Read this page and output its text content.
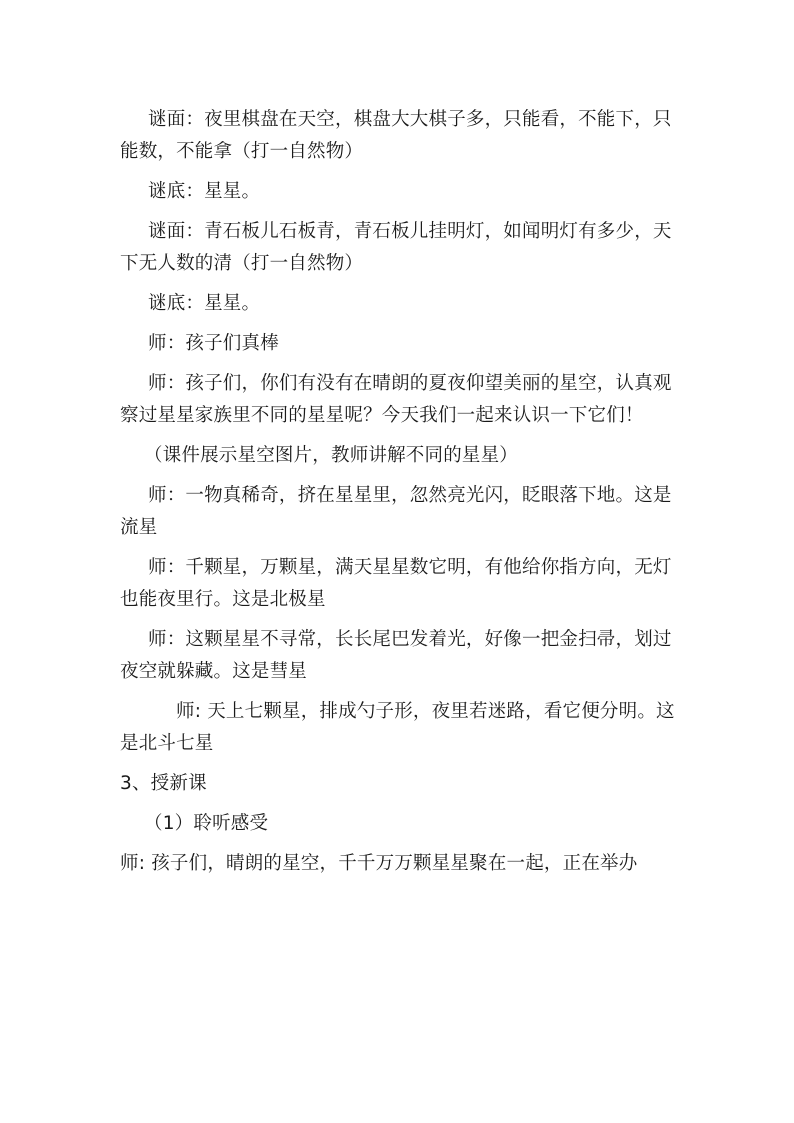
谜面：夜里棋盘在天空，棋盘大大棋子多，只能看，不能下，只能数，不能拿（打一自然物）

谜底：星星。

谜面：青石板儿石板青，青石板儿挂明灯，如闻明灯有多少，天下无人数的清（打一自然物）

谜底：星星。

师：孩子们真棒

师：孩子们，你们有没有在晴朗的夏夜仰望美丽的星空，认真观察过星星家族里不同的星星呢？今天我们一起来认识一下它们！

（课件展示星空图片，教师讲解不同的星星）

师：一物真稀奇，挤在星星里，忽然亮光闪，眨眼落下地。这是流星

师：千颗星，万颗星，满天星星数它明，有他给你指方向，无灯也能夜里行。这是北极星

师：这颗星星不寻常，长长尾巴发着光，好像一把金扫帚，划过夜空就躲藏。这是彗星

师: 天上七颗星，排成勺子形，夜里若迷路，看它便分明。这是北斗七星

3、授新课

（1）聆听感受

师: 孩子们，晴朗的星空，千千万万颗星星聚在一起，正在举办
